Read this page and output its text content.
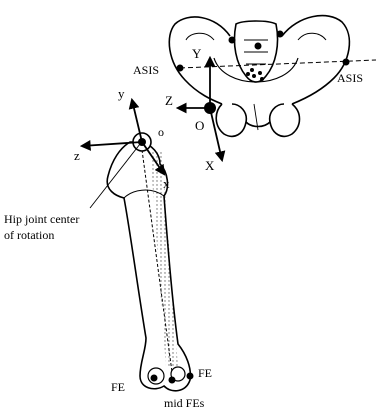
ASIS
ASIS
Y
Z
X
O
y
z
x
o
Hip joint center
of rotation
FE
FE
mid FEs
